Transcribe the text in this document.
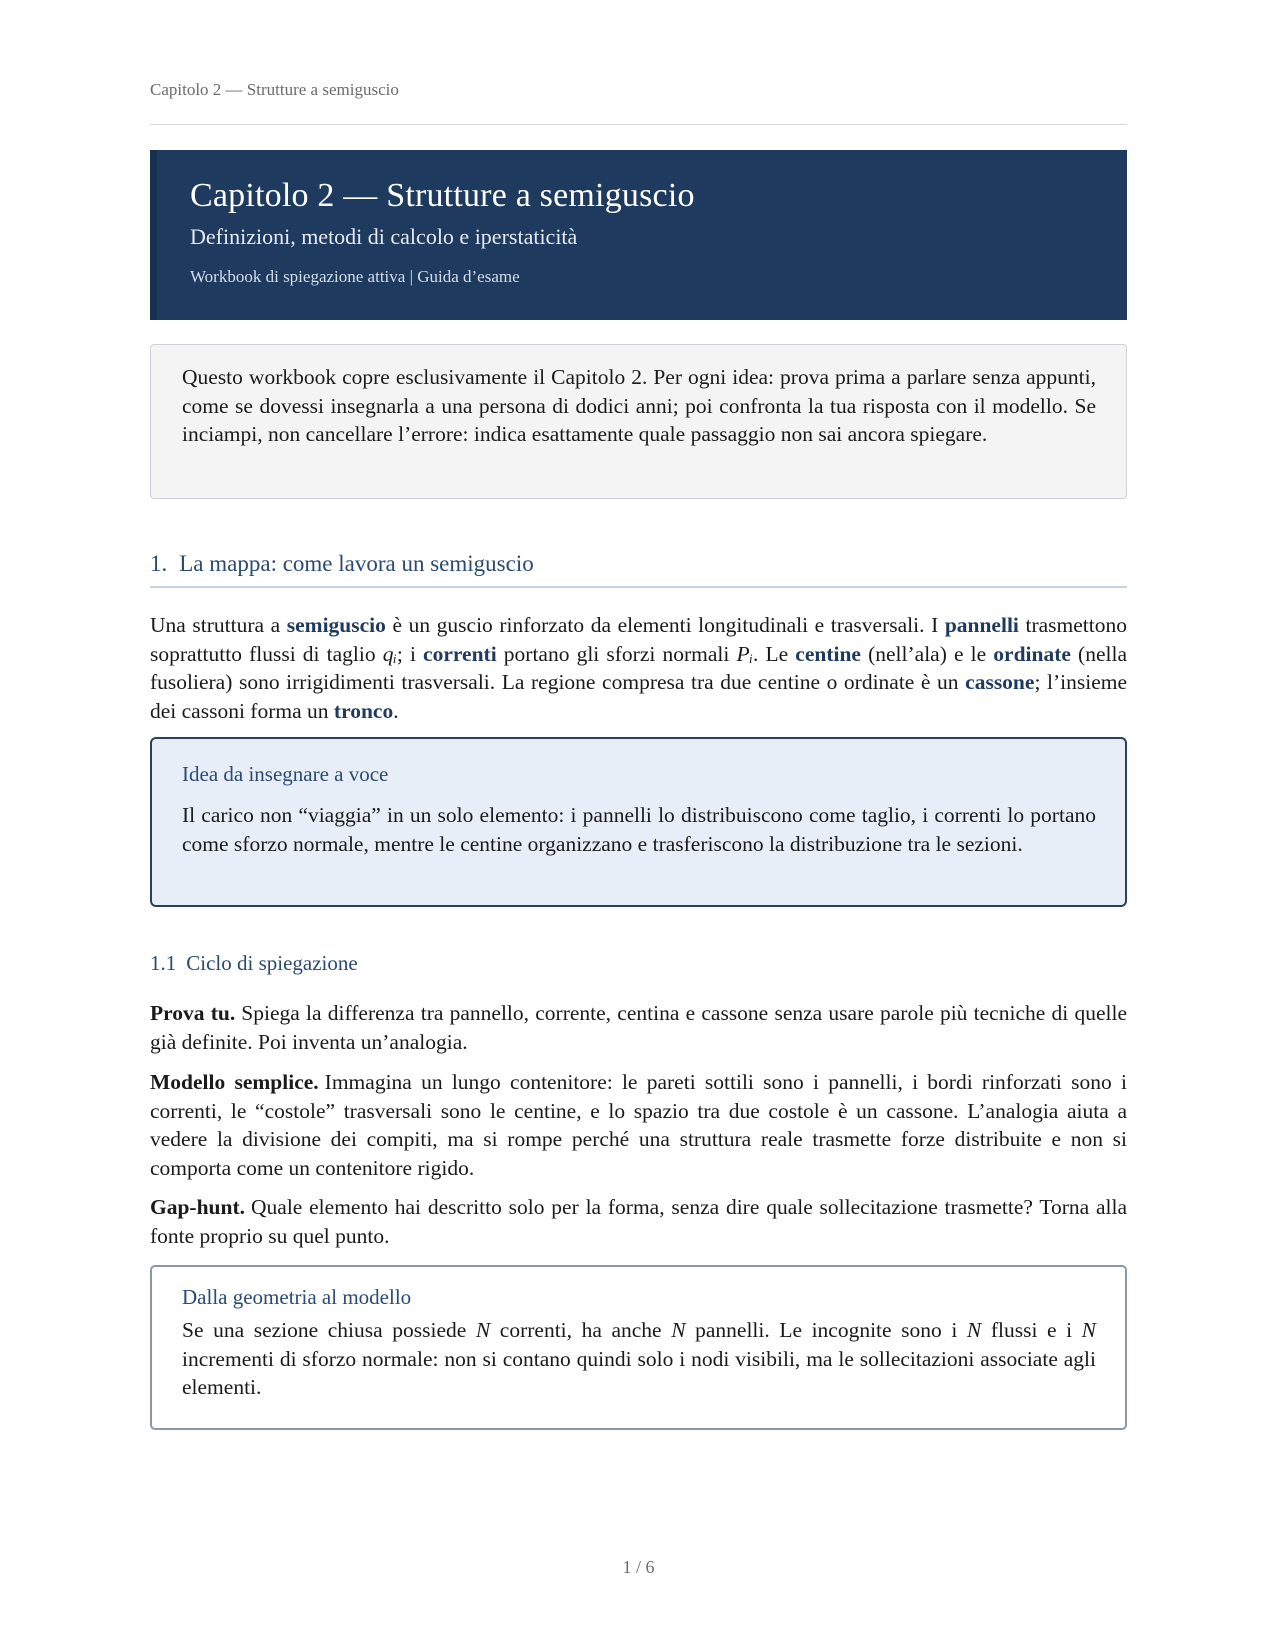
Capitolo 2 — Strutture a semiguscio
Capitolo 2 — Strutture a semiguscio
Definizioni, metodi di calcolo e iperstaticità
Workbook di spiegazione attiva | Guida d’esame
Questo workbook copre esclusivamente il Capitolo 2. Per ogni idea: prova prima a parlare senza appunti, come se dovessi insegnarla a una persona di dodici anni; poi confronta la tua risposta con il modello. Se inciampi, non cancellare l’errore: indica esattamente quale passaggio non sai ancora spiegare.
1. La mappa: come lavora un semiguscio
Una struttura a semiguscio è un guscio rinforzato da elementi longitudinali e trasversali. I pannelli trasmettono soprattutto flussi di taglio qᵢ; i correnti portano gli sforzi normali Pᵢ. Le centine (nell’ala) e le ordinate (nella fusoliera) sono irrigidimenti trasversali. La regione compresa tra due centine o ordinate è un cassone; l’insieme dei cassoni forma un tronco.
Idea da insegnare a voce
Il carico non “viaggia” in un solo elemento: i pannelli lo distribuiscono come taglio, i correnti lo portano come sforzo normale, mentre le centine organizzano e trasferiscono la distribuzione tra le sezioni.
1.1 Ciclo di spiegazione
Prova tu. Spiega la differenza tra pannello, corrente, centina e cassone senza usare parole più tecniche di quelle già definite. Poi inventa un’analogia.
Modello semplice. Immagina un lungo contenitore: le pareti sottili sono i pannelli, i bordi rinforzati sono i correnti, le “costole” trasversali sono le centine, e lo spazio tra due costole è un cassone. L’analogia aiuta a vedere la divisione dei compiti, ma si rompe perché una struttura reale trasmette forze distribuite e non si comporta come un contenitore rigido.
Gap-hunt. Quale elemento hai descritto solo per la forma, senza dire quale sollecitazione trasmette? Torna alla fonte proprio su quel punto.
Dalla geometria al modello
Se una sezione chiusa possiede N correnti, ha anche N pannelli. Le incognite sono i N flussi e i N incrementi di sforzo normale: non si contano quindi solo i nodi visibili, ma le sollecitazioni associate agli elementi.
1 / 6
